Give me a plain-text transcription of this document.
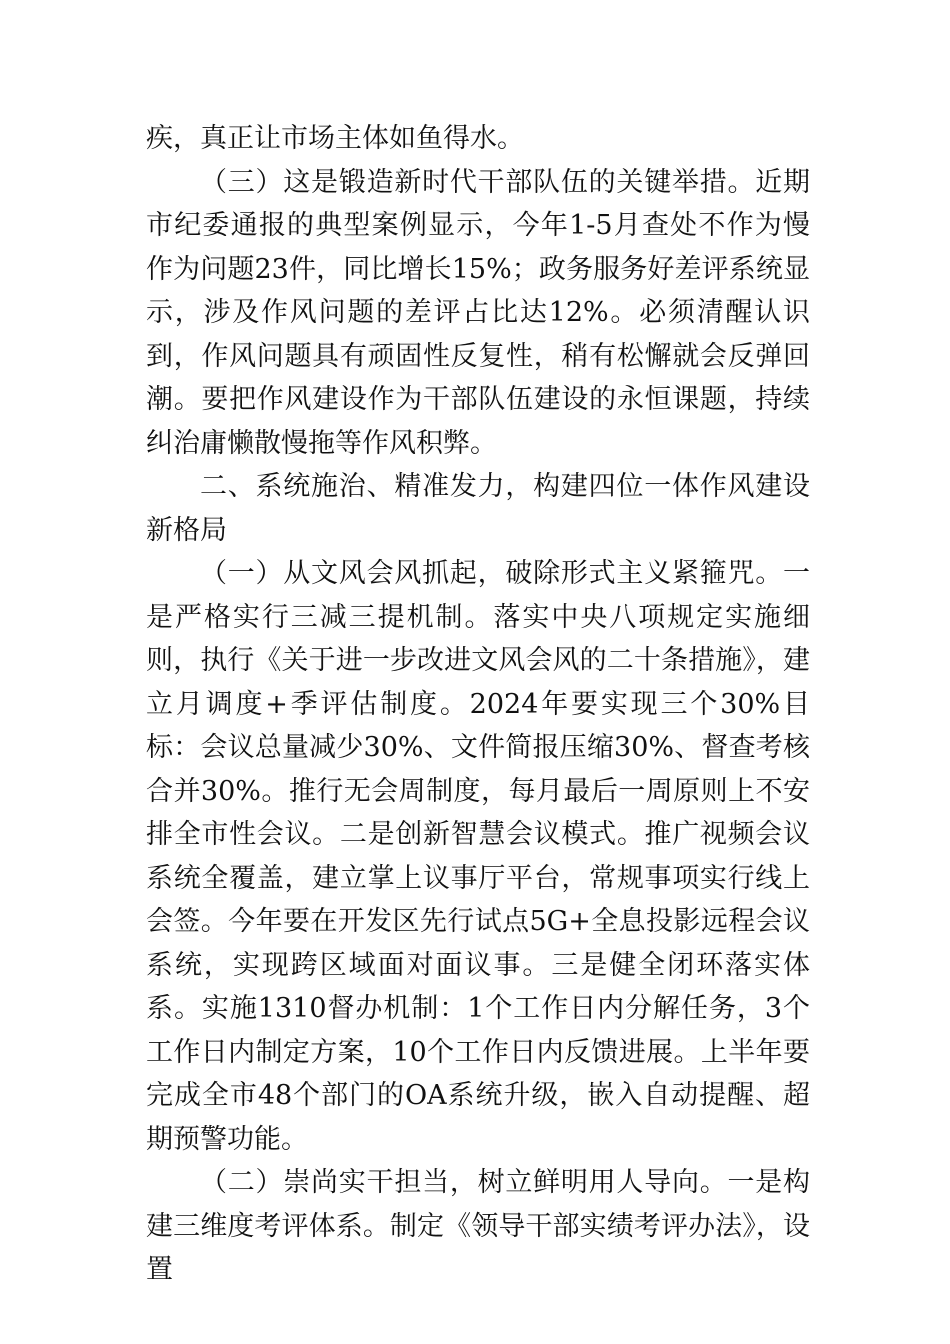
疾，真正让市场主体如鱼得水。

（三）这是锻造新时代干部队伍的关键举措。近期市纪委通报的典型案例显示，今年1-5月查处不作为慢作为问题23件，同比增长15%；政务服务好差评系统显示，涉及作风问题的差评占比达12%。必须清醒认识到，作风问题具有顽固性反复性，稍有松懈就会反弹回潮。要把作风建设作为干部队伍建设的永恒课题，持续纠治庸懒散慢拖等作风积弊。

二、系统施治、精准发力，构建四位一体作风建设新格局

（一）从文风会风抓起，破除形式主义紧箍咒。一是严格实行三减三提机制。落实中央八项规定实施细则，执行《关于进一步改进文风会风的二十条措施》，建立月调度+季评估制度。2024年要实现三个30%目标：会议总量减少30%、文件简报压缩30%、督查考核合并30%。推行无会周制度，每月最后一周原则上不安排全市性会议。二是创新智慧会议模式。推广视频会议系统全覆盖，建立掌上议事厅平台，常规事项实行线上会签。今年要在开发区先行试点5G+全息投影远程会议系统，实现跨区域面对面议事。三是健全闭环落实体系。实施1310督办机制：1个工作日内分解任务，3个工作日内制定方案，10个工作日内反馈进展。上半年要完成全市48个部门的OA系统升级，嵌入自动提醒、超期预警功能。

（二）崇尚实干担当，树立鲜明用人导向。一是构建三维度考评体系。制定《领导干部实绩考评办法》，设置
